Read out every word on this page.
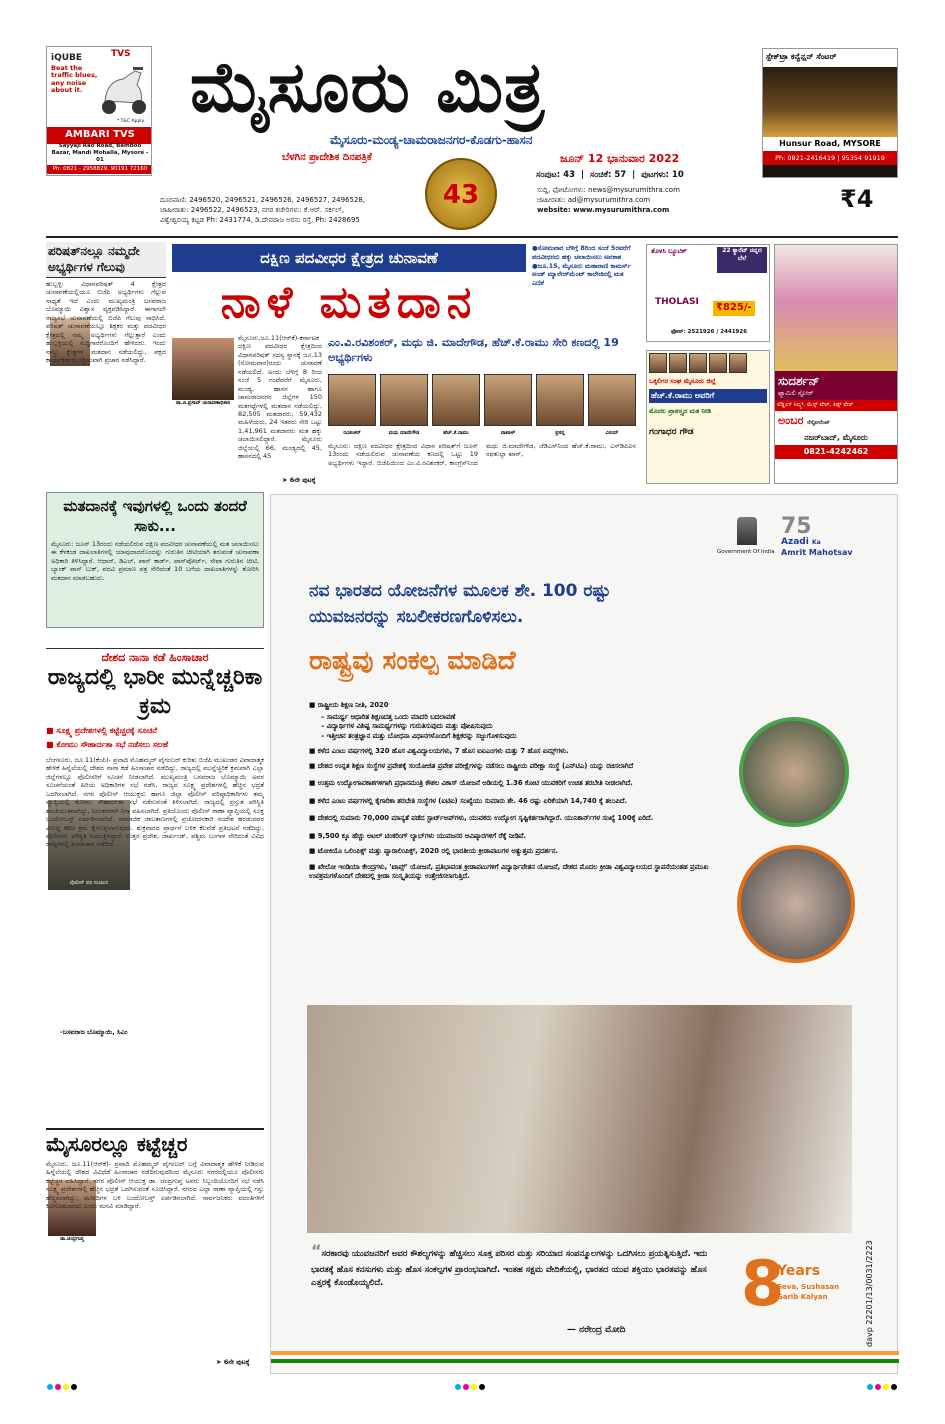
TVS
iQUBE
Beat the
traffic blues,
any noise
about it.
* T&C Apply
AMBARI TVS
Sayyaji Rao Road, Bamboo Bazar, Mandi Mohalla, Mysore - 01
Ph: 0821 - 2958829, 90191 72160
ಮೈಸೂರು ಮಿತ್ರ
ಮೈಸೂರು-ಮಂಡ್ಯ-ಚಾಮರಾಜನಗರ-ಕೊಡಗು-ಹಾಸನ
ಬೆಳಗಿನ ಪ್ರಾದೇಶಿಕ ದಿನಪತ್ರಿಕೆ	ಜೂನ್ 12 ಭಾನುವಾರ 2022
ಸಂಪುಟ: 43  |  ಸಂಚಿಕೆ: 57  |  ಪುಟಗಳು: 10
43
ದೂರವಾಣಿ: 2496520, 2496521, 2496526, 2496527, 2496528,
ಜಾಹೀರಾತು: 2496522, 2496523, ನಗರ ಕಚೇರಿಗಳು: ಕೆ.ಆರ್. ಸರ್ಕಲ್,
ವಿಶ್ವೇಶ್ವರಯ್ಯ ಕಟ್ಟಡ Ph: 2431774, ಡಿ.ದೇವರಾಜ ಅರಸು ರಸ್ತೆ, Ph: 2428695
ಸುದ್ದಿ, ಫೋಟೋಗಳು: news@mysurumithra.com
ಜಾಹೀರಾತು: ad@mysurumithra.com
website: www.mysurumithra.com	₹4
ಸ್ಪೇಕ್‌ಟ್ರಾ ಕನ್ವೆನ್ಷನ್ ಸೆಂಟರ್
Hunsur Road, MYSORE
Ph: 0821-2416419 | 95354 91919
ಪರಿಷತ್‌ನಲ್ಲೂ ನಮ್ಮದೇ ಅಭ್ಯರ್ಥಿಗಳ ಗೆಲುವು
ಹುಬ್ಬಳ್ಳಿ: ವಿಧಾನಪರಿಷತ್ 4 ಕ್ಷೇತ್ರದ ಚುನಾವಣೆಯಲ್ಲಿಯೂ ಬಿಜೆಪಿ ಅಭ್ಯರ್ಥಿಗಳು ಗೆಲ್ಲುವ ಸಾಧ್ಯತೆ ಇದೆ ಎಂದು ಮುಖ್ಯಮಂತ್ರಿ ಬಸವರಾಜ ಬೊಮ್ಮಾಯಿ ವಿಶ್ವಾಸ ವ್ಯಕ್ತಪಡಿಸಿದ್ದಾರೆ. ಈಗಾಗಲೇ ರಾಜ್ಯಸಭೆ ಚುನಾವಣೆಯಲ್ಲಿ ಬಿಜೆಪಿ ಗೆಲುವು ಸಾಧಿಸಿದೆ. ಪರಿಷತ್ ಚುನಾವಣೆಯಲ್ಲೂ ಶಿಕ್ಷಕರ ಮತ್ತು ಪದವೀಧರ ಕ್ಷೇತ್ರದಲ್ಲಿ ನಮ್ಮ ಅಭ್ಯರ್ಥಿಗಳು ಗೆಲ್ಲುತ್ತಾರೆ ಎಂದು ಹುಬ್ಬಳ್ಳಿಯಲ್ಲಿ ಸುದ್ದಿಗಾರರೊಂದಿಗೆ ಹೇಳಿದರು. ಇಂದು ನಾಲ್ಕು ಕ್ಷೇತ್ರಗಳ ಮತದಾನ ನಡೆಯಲಿದ್ದು, ಪಕ್ಷದ ಕಾರ್ಯಕರ್ತರು ಸಕ್ರಿಯವಾಗಿ ಪ್ರಚಾರ ನಡೆಸಿದ್ದಾರೆ.
ಮತದಾನಕ್ಕೆ ಇವುಗಳಲ್ಲಿ ಒಂದು ತಂದರೆ ಸಾಕು...
ಮೈಸೂರು: ಜೂನ್ 13ರಂದು ನಡೆಯಲಿರುವ ದಕ್ಷಿಣ ಪದವೀಧರ ಚುನಾವಣೆಯಲ್ಲಿ ಮತ ಚಲಾಯಿಸಲು ಈ ಕೆಳಕಂಡ ದಾಖಲಾತಿಗಳಲ್ಲಿ ಯಾವುದಾದರೊಂದನ್ನು ಗುರುತಿನ ಚೀಟಿಯಾಗಿ ತರುವಂತೆ ಚುನಾವಣಾ ಅಧಿಕಾರಿ ತಿಳಿಸಿದ್ದಾರೆ. ಆಧಾರ್, ಡಿಎಲ್, ಪಾನ್ ಕಾರ್ಡ್, ಪಾಸ್‌ಪೋರ್ಟ್, ಸೇವಾ ಗುರುತಿನ ಚೀಟಿ, ಬ್ಯಾಂಕ್ ಪಾಸ್ ಬುಕ್, ಪದವಿ ಪ್ರಮಾಣ ಪತ್ರ ಸೇರಿದಂತೆ 10 ಬಗೆಯ ದಾಖಲಾತಿಗಳನ್ನು ತೋರಿಸಿ ಮತದಾನ ಮಾಡಬಹುದು.
ದೇಶದ ನಾನಾ ಕಡೆ ಹಿಂಸಾಚಾರ
ರಾಜ್ಯದಲ್ಲಿ ಭಾರೀ ಮುನ್ನೆಚ್ಚರಿಕಾ ಕ್ರಮ
■ ಸೂಕ್ಷ್ಮ ಪ್ರದೇಶಗಳಲ್ಲಿ ಕಟ್ಟೆಚ್ಚರಕ್ಕೆ ಸೂಚನೆ
■ ಕೋಮು ಸೌಹಾರ್ದತಾ ಸಭೆ ನಡೆಸಲು ಸಲಹೆ
ಪೊಲೀಸ್ ಪಥ ಸಂಚಲನ
ಬೆಂಗಳೂರು, ಜೂ.11(ಕೆಂಪಿ)- ಪ್ರವಾದಿ ಮೊಹಮ್ಮದ್ ಪೈಗಂಬರ್ ಕುರಿತು ಬಿಜೆಪಿ ಮುಖಂಡರ ವಿವಾದಾತ್ಮಕ ಹೇಳಿಕೆ ಹಿನ್ನೆಲೆಯಲ್ಲಿ ದೇಶದ ನಾನಾ ಕಡೆ ಹಿಂಸಾಚಾರ ನಡೆದಿದ್ದು, ರಾಜ್ಯದಲ್ಲಿ ಮುನ್ನೆಚ್ಚರಿಕೆ ಕ್ರಮವಾಗಿ ಎಲ್ಲಾ ಜಿಲ್ಲೆಗಳಲ್ಲೂ ಪೊಲೀಸರಿಗೆ ಸೂಚನೆ ನೀಡಲಾಗಿದೆ. ಮುಖ್ಯಮಂತ್ರಿ ಬಸವರಾಜ ಬೊಮ್ಮಾಯಿ ಅವರ ಸೂಚನೆಯಂತೆ ಹಿರಿಯ ಅಧಿಕಾರಿಗಳ ಸಭೆ ನಡೆಸಿ, ರಾಜ್ಯದ ಸೂಕ್ಷ್ಮ ಪ್ರದೇಶಗಳಲ್ಲಿ ಹೆಚ್ಚಿನ ಭದ್ರತೆ ಒದಗಿಸಲಾಗಿದೆ. ನಗರ ಪೊಲೀಸ್ ಆಯುಕ್ತರು ಹಾಗೂ ಜಿಲ್ಲಾ ಪೊಲೀಸ್ ವರಿಷ್ಠಾಧಿಕಾರಿಗಳು ತಮ್ಮ ವ್ಯಾಪ್ತಿಯಲ್ಲಿ ಕೋಮು ಸೌಹಾರ್ದತಾ ಸಭೆ ನಡೆಸುವಂತೆ ತಿಳಿಸಲಾಗಿದೆ. ರಾಜ್ಯದಲ್ಲಿ ಪ್ರಸ್ತುತ ಪರಿಸ್ಥಿತಿ ಶಾಂತಿಯುತವಾಗಿದ್ದು, ನಿರಂತರವಾಗಿ ನಿಗಾ ವಹಿಸಲಾಗಿದೆ. ಪ್ರತಿಯೊಂದು ಪೊಲೀಸ್ ಠಾಣಾ ವ್ಯಾಪ್ತಿಯಲ್ಲಿ ಸೂಕ್ತ ಬಂದೋಬಸ್ತ್ ಏರ್ಪಡಿಸಲಾಗಿದೆ. ಸಾಮಾಜಿಕ ಜಾಲತಾಣಗಳಲ್ಲಿ ಪ್ರಚೋದನಕಾರಿ ಸಂದೇಶ ಹರಡುವವರ ವಿರುದ್ಧ ಕಠಿಣ ಕ್ರಮ ಕೈಗೊಳ್ಳಲಾಗುವುದು. ಶುಕ್ರವಾರದ ಪ್ರಾರ್ಥನೆ ಬಳಿಕ ಕೆಲವೆಡೆ ಪ್ರತಿಭಟನೆ ನಡೆದಿದ್ದು, ಪೊಲೀಸರು ಪರಿಸ್ಥಿತಿ ನಿಯಂತ್ರಿಸಿದ್ದಾರೆ. ಉತ್ತರ ಪ್ರದೇಶ, ಜಾರ್ಖಂಡ್, ಪಶ್ಚಿಮ ಬಂಗಾಳ ಸೇರಿದಂತೆ ವಿವಿಧ ರಾಜ್ಯಗಳಲ್ಲಿ ಹಿಂಸಾಚಾರ ನಡೆದಿದೆ.
-ಬಸವರಾಜ ಬೊಮ್ಮಾಯಿ, ಸಿಎಂ
ಮೈಸೂರಲ್ಲೂ ಕಟ್ಟೆಚ್ಚರ
ಡಾ.ಚಂದ್ರಗುಪ್ತ
ಮೈಸೂರು, ಜೂ.11(ಆರ್‌ಕೆ)- ಪ್ರವಾದಿ ಮೊಹಮ್ಮದ್ ಪೈಗಂಬರ್ ಬಗ್ಗೆ ವಿವಾದಾತ್ಮಕ ಹೇಳಿಕೆ ನೀಡಿರುವ ಹಿನ್ನೆಲೆಯಲ್ಲಿ ದೇಶದ ವಿವಿಧೆಡೆ ಹಿಂಸಾಚಾರ ನಡೆದಿರುವುದರಿಂದ ಮೈಸೂರು ನಗರದಲ್ಲಿಯೂ ಪೊಲೀಸರು ಕಟ್ಟೆಚ್ಚರ ವಹಿಸಿದ್ದಾರೆ. ನಗರ ಪೊಲೀಸ್ ಆಯುಕ್ತ ಡಾ. ಚಂದ್ರಗುಪ್ತ ಅವರು ಸಿಬ್ಬಂದಿಯೊಂದಿಗೆ ಸಭೆ ನಡೆಸಿ ಸೂಕ್ಷ್ಮ ಪ್ರದೇಶಗಳಲ್ಲಿ ಹೆಚ್ಚಿನ ಭದ್ರತೆ ಒದಗಿಸುವಂತೆ ಸೂಚಿಸಿದ್ದಾರೆ. ನಗರದ ಎಲ್ಲಾ ಠಾಣಾ ವ್ಯಾಪ್ತಿಯಲ್ಲಿ ಗಸ್ತು ಹೆಚ್ಚಿಸಲಾಗಿದ್ದು, ಮಸೀದಿಗಳ ಬಳಿ ಬಂದೋಬಸ್ತ್ ಏರ್ಪಡಿಸಲಾಗಿದೆ. ಸಾರ್ವಜನಿಕರು ವದಂತಿಗಳಿಗೆ ಕಿವಿಗೊಡಬಾರದು ಎಂದು ಮನವಿ ಮಾಡಿದ್ದಾರೆ.
➤ 6ನೇ ಪುಟಕ್ಕೆ
ದಕ್ಷಿಣ ಪದವೀಧರ ಕ್ಷೇತ್ರದ ಚುನಾವಣೆ
ನಾಳೆ ಮತದಾನ
ಡಾ.ಜಿ.ಪ್ರಸಾದ್ ಚುನಾವಣಾಧಿಕಾರಿ
ಮೈಸೂರು,ಜೂ.11(ಆರ್‌ಕೆ)-ಕರ್ನಾಟಕ ದಕ್ಷಿಣ ಪದವೀಧರ ಕ್ಷೇತ್ರದಿಂದ ವಿಧಾನಪರಿಷತ್ ಸದಸ್ಯ ಸ್ಥಾನಕ್ಕೆ ಜೂ.13 (ಸೋಮವಾರ)ರಂದು ಚುನಾವಣೆ ನಡೆಯಲಿದೆ. ಅಂದು ಬೆಳಿಗ್ಗೆ 8 ರಿಂದ ಸಂಜೆ 5 ಗಂಟೆವರೆಗೆ ಮೈಸೂರು, ಮಂಡ್ಯ, ಹಾಸನ ಹಾಗೂ ಚಾಮರಾಜನಗರ ಜಿಲ್ಲೆಗಳ 150 ಮತಗಟ್ಟೆಗಳಲ್ಲಿ ಮತದಾನ ನಡೆಯಲಿದ್ದು, 82,505 ಮತದಾರರು, 59,432 ಮಹಿಳೆಯರು, 24 ಇತರರು ಸೇರಿ ಒಟ್ಟು 1,41,961 ಮತದಾರರು ಮತ ಹಕ್ಕು ಚಲಾಯಿಸಲಿದ್ದಾರೆ. ಮೈಸೂರು ಜಿಲ್ಲೆಯಲ್ಲಿ 66, ಮಂಡ್ಯದಲ್ಲಿ 45, ಹಾಸನದಲ್ಲಿ 45
➤ 6ನೇ ಪುಟಕ್ಕೆ
●ಸೋಮವಾರ ಬೆಳಿಗ್ಗೆ 8ರಿಂದ ಸಂಜೆ 5ರವರೆಗೆ ಪದವೀಧರರು ಹಕ್ಕು ಚಲಾಯಿಸಲು ಅವಕಾಶ ●ಜೂ.15, ಮೈಸೂರು ಮಹಾರಾಣಿ ಕಾಮರ್ಸ್ ಅಂಡ್ ಮ್ಯಾನೇಜ್‌ಮೆಂಟ್ ಕಾಲೇಜಿನಲ್ಲಿ ಮತ ಎಣಿಕೆ
ಎಂ.ವಿ.ರವಿಶಂಕರ್, ಮಧು ಜಿ. ಮಾದೇಗೌಡ, ಹೆಚ್.ಕೆ.ರಾಮು ಸೇರಿ ಕಣದಲ್ಲಿ 19 ಅಭ್ಯರ್ಥಿಗಳು
ರವಿಶಂಕರ್	ಮಧು ಮಾದೇಗೌಡ	ಹೆಚ್.ಕೆ.ರಾಮು	ವಾಟಾಳ್	ಪ್ರಸನ್ನ	ವಿನಯ್
ಮೈಸೂರು: ದಕ್ಷಿಣ ಪದವೀಧರ ಕ್ಷೇತ್ರದಿಂದ ವಿಧಾನ ಪರಿಷತ್‌ಗೆ ಜೂನ್ 13ರಂದು ನಡೆಯಲಿರುವ ಚುನಾವಣೆಯ ಕಣದಲ್ಲಿ ಒಟ್ಟು 19 ಅಭ್ಯರ್ಥಿಗಳು ಇದ್ದಾರೆ. ಬಿಜೆಪಿಯಿಂದ ಎಂ.ವಿ.ರವಿಶಂಕರ್, ಕಾಂಗ್ರೆಸ್‌ನಿಂದ ಮಧು ಜಿ.ಮಾದೇಗೌಡ, ಜೆಡಿಎಸ್‌ನಿಂದ ಹೆಚ್.ಕೆ.ರಾಮು, ಎಸ್‌ಡಿಪಿಐನ ರಫತುಲ್ಲಾ ಖಾನ್,
ತೊಳಸಿ ಬ್ಯೂಟಿಕ್
THOLASI
22 ಕ್ಯಾರೆಟ್ ಚಿನ್ನದ ಬೆಲೆ
₹825/-
ಫೋನ್: 2521926 / 2441926
ಒಕ್ಕಲಿಗರ ಸಂಘ ಮೈಸೂರು ಜಿಲ್ಲೆ
ಹೆಚ್.ಕೆ.ರಾಮು ಅವರಿಗೆ
ಮೊದಲ ಪ್ರಾಶಸ್ತ್ಯದ ಮತ ನೀಡಿ
ಗಂಗಾಧರ ಗೌಡ
ಸುದರ್ಶನ್
ಫ್ಯಾಮಿಲಿ ಸ್ಟೋರ್
ವೆಡ್ಡಿಂಗ್ ಸಿಲ್ಕ್ಸ್, ಮೆನ್ಸ್ ವೇರ್, ಕಿಡ್ಸ್ ವೇರ್
ಅಂಬರ ರೆಸ್ಟೋರೆಂಟ್
ನಜರ್‌ಬಾದ್, ಮೈಸೂರು
0821-4242462
Government Of India
75
Azadi Ka
Amrit Mahotsav
ನವ ಭಾರತದ ಯೋಜನೆಗಳ ಮೂಲಕ ಶೇ. 100 ರಷ್ಟು
ಯುವಜನರನ್ನು ಸಬಲೀಕರಣಗೊಳಿಸಲು.
ರಾಷ್ಟ್ರವು ಸಂಕಲ್ಪ ಮಾಡಿದೆ
■ ರಾಷ್ಟ್ರೀಯ ಶಿಕ್ಷಣ ನೀತಿ, 2020
– ಸಾಮರ್ಥ್ಯ ಆಧಾರಿತ ಶಿಕ್ಷಣದತ್ತ ಒಂದು ಮಾದರಿ ಬದಲಾವಣೆ
– ವಿದ್ಯಾರ್ಥಿಗಳ ವಿಶಿಷ್ಟ ಸಾಮರ್ಥ್ಯಗಳನ್ನು ಗುರುತಿಸುವುದು ಮತ್ತು ಪೋಷಿಸುವುದು
– ಇತ್ತೀಚಿನ ತಂತ್ರಜ್ಞಾನ ಮತ್ತು ಬೋಧನಾ ವಿಧಾನಗಳೊಂದಿಗೆ ಶಿಕ್ಷಕರನ್ನು ಸಜ್ಜುಗೊಳಿಸುವುದು
■ ಕಳೆದ ಎಂಟು ವರ್ಷಗಳಲ್ಲಿ 320 ಹೊಸ ವಿಶ್ವವಿದ್ಯಾಲಯಗಳು, 7 ಹೊಸ ಐಐಎಂಗಳು ಮತ್ತು 7 ಹೊಸ ಏಮ್ಸ್‌ಗಳು.
■ ದೇಶದ ಉನ್ನತ ಶಿಕ್ಷಣ ಸಂಸ್ಥೆಗಳ ಪ್ರವೇಶಕ್ಕೆ ಸಂಯೋಜಿತ ಪ್ರವೇಶ ಪರೀಕ್ಷೆಗಳನ್ನು ನಡೆಸಲು ರಾಷ್ಟ್ರೀಯ ಪರೀಕ್ಷಾ ಸಂಸ್ಥೆ (ಎನ್‌ಟಿಎ) ಯನ್ನು ರಚಿಸಲಾಗಿದೆ
■ ಉತ್ತಮ ಉದ್ಯೋಗಾವಕಾಶಗಳಿಗಾಗಿ ಪ್ರಧಾನಮಂತ್ರಿ ಕೌಶಲ ವಿಕಾಸ್ ಯೋಜನೆ ಅಡಿಯಲ್ಲಿ 1.36 ಕೋಟಿ ಯುವಕರಿಗೆ ಉಚಿತ ತರಬೇತಿ ನೀಡಲಾಗಿದೆ.
■ ಕಳೆದ ಎಂಟು ವರ್ಷಗಳಲ್ಲಿ ಕೈಗಾರಿಕಾ ತರಬೇತಿ ಸಂಸ್ಥೆಗಳ (ಐಟಿಐ) ಸಂಖ್ಯೆಯು ಸುಮಾರು ಶೇ. 46 ರಷ್ಟು ಏರಿಕೆಯಾಗಿ 14,740 ಕ್ಕೆ ತಲುಪಿದೆ.
■ ದೇಶದಲ್ಲಿ ಸುಮಾರು 70,000 ಮಾನ್ಯತೆ ಪಡೆದ ಸ್ಟಾರ್ಟ್‌ಅಪ್‌ಗಳು, ಯುವಕರು ಉದ್ಯೋಗ ಸೃಷ್ಟಿಕರ್ತರಾಗಿದ್ದಾರೆ. ಯುನಿಕಾರ್ನ್‌ಗಳ ಸಂಖ್ಯೆ 100ಕ್ಕೆ ಏರಿದೆ.
■ 9,500 ಕ್ಕೂ ಹೆಚ್ಚು ಅಟಲ್ ಟಿಂಕರಿಂಗ್ ಲ್ಯಾಬ್‌ಗಳು ಯುವಜನರ ಆವಿಷ್ಕಾರಗಳಿಗೆ ರೆಕ್ಕೆ ನೀಡಿವೆ.
■ ಟೋಕಿಯೊ ಒಲಿಂಪಿಕ್ಸ್ ಮತ್ತು ಪ್ಯಾರಾಲಿಂಪಿಕ್ಸ್, 2020 ರಲ್ಲಿ ಭಾರತೀಯ ಕ್ರೀಡಾಪಟುಗಳ ಅತ್ಯುತ್ತಮ ಪ್ರದರ್ಶನ.
■ ಖೇಲೋ ಇಂಡಿಯಾ ಕೇಂದ್ರಗಳು, 'ಟಾಪ್ಸ್' ಯೋಜನೆ, ಪ್ರತಿಭಾವಂತ ಕ್ರೀಡಾಪಟುಗಳಿಗೆ ವಿದ್ಯಾರ್ಥಿವೇತನ ಯೋಜನೆ, ದೇಶದ ಮೊದಲ ಕ್ರೀಡಾ ವಿಶ್ವವಿದ್ಯಾಲಯದ ಸ್ಥಾಪನೆಯಂತಹ ಪ್ರಮುಖ ಉಪಕ್ರಮಗಳೊಂದಿಗೆ ದೇಶದಲ್ಲಿ ಕ್ರೀಡಾ ಸಂಸ್ಕೃತಿಯನ್ನು ಉತ್ತೇಜಿಸಲಾಗುತ್ತಿದೆ.
“ಸರಕಾರವು ಯುವಜನರಿಗೆ ಅವರ ಕೌಶಲ್ಯಗಳನ್ನು ಹೆಚ್ಚಿಸಲು ಸೂಕ್ತ ಪರಿಸರ ಮತ್ತು ಸರಿಯಾದ ಸಂಪನ್ಮೂಲಗಳನ್ನು ಒದಗಿಸಲು ಪ್ರಯತ್ನಿಸುತ್ತಿದೆ. ಇದು ಭಾರತಕ್ಕೆ ಹೊಸ ಕನಸುಗಳು ಮತ್ತು ಹೊಸ ಸಂಕಲ್ಪಗಳ ಪ್ರಾರಂಭವಾಗಿದೆ. ಇಂತಹ ಸಕ್ಷಮ ವೇದಿಕೆಯಲ್ಲಿ, ಭಾರತದ ಯುವ ಶಕ್ತಿಯು ಭಾರತವನ್ನು ಹೊಸ ಎತ್ತರಕ್ಕೆ ಕೊಂಡೊಯ್ಯಲಿದೆ.
— ನರೇಂದ್ರ ಮೋದಿ
8
Years
Seva, Sushasan
Garib Kalyan	davp 22201/13/0031/2223
